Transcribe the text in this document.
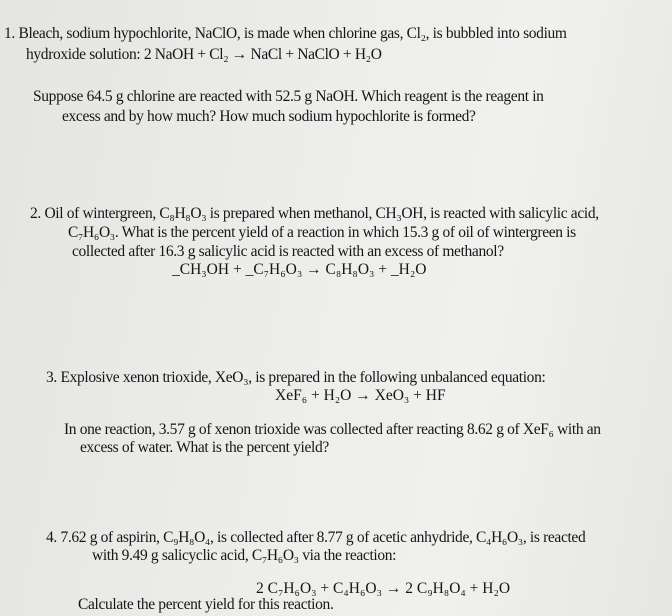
1. Bleach, sodium hypochlorite, NaClO, is made when chlorine gas, Cl₂, is bubbled into sodium
hydroxide solution: 2 NaOH + Cl₂ → NaCl + NaClO + H₂O
Suppose 64.5 g chlorine are reacted with 52.5 g NaOH. Which reagent is the reagent in
excess and by how much? How much sodium hypochlorite is formed?
2. Oil of wintergreen, C₈H₈O₃ is prepared when methanol, CH₃OH, is reacted with salicylic acid,
C₇H₆O₃. What is the percent yield of a reaction in which 15.3 g of oil of wintergreen is
collected after 16.3 g salicylic acid is reacted with an excess of methanol?
_CH₃OH + _C₇H₆O₃ → C₈H₈O₃ + _H₂O
3. Explosive xenon trioxide, XeO₃, is prepared in the following unbalanced equation:
XeF₆ + H₂O → XeO₃ + HF
In one reaction, 3.57 g of xenon trioxide was collected after reacting 8.62 g of XeF₆ with an
excess of water. What is the percent yield?
4. 7.62 g of aspirin, C₉H₈O₄, is collected after 8.77 g of acetic anhydride, C₄H₆O₃, is reacted
with 9.49 g salicyclic acid, C₇H₆O₃ via the reaction:
2 C₇H₆O₃ + C₄H₆O₃ → 2 C₉H₈O₄ + H₂O
Calculate the percent yield for this reaction.
